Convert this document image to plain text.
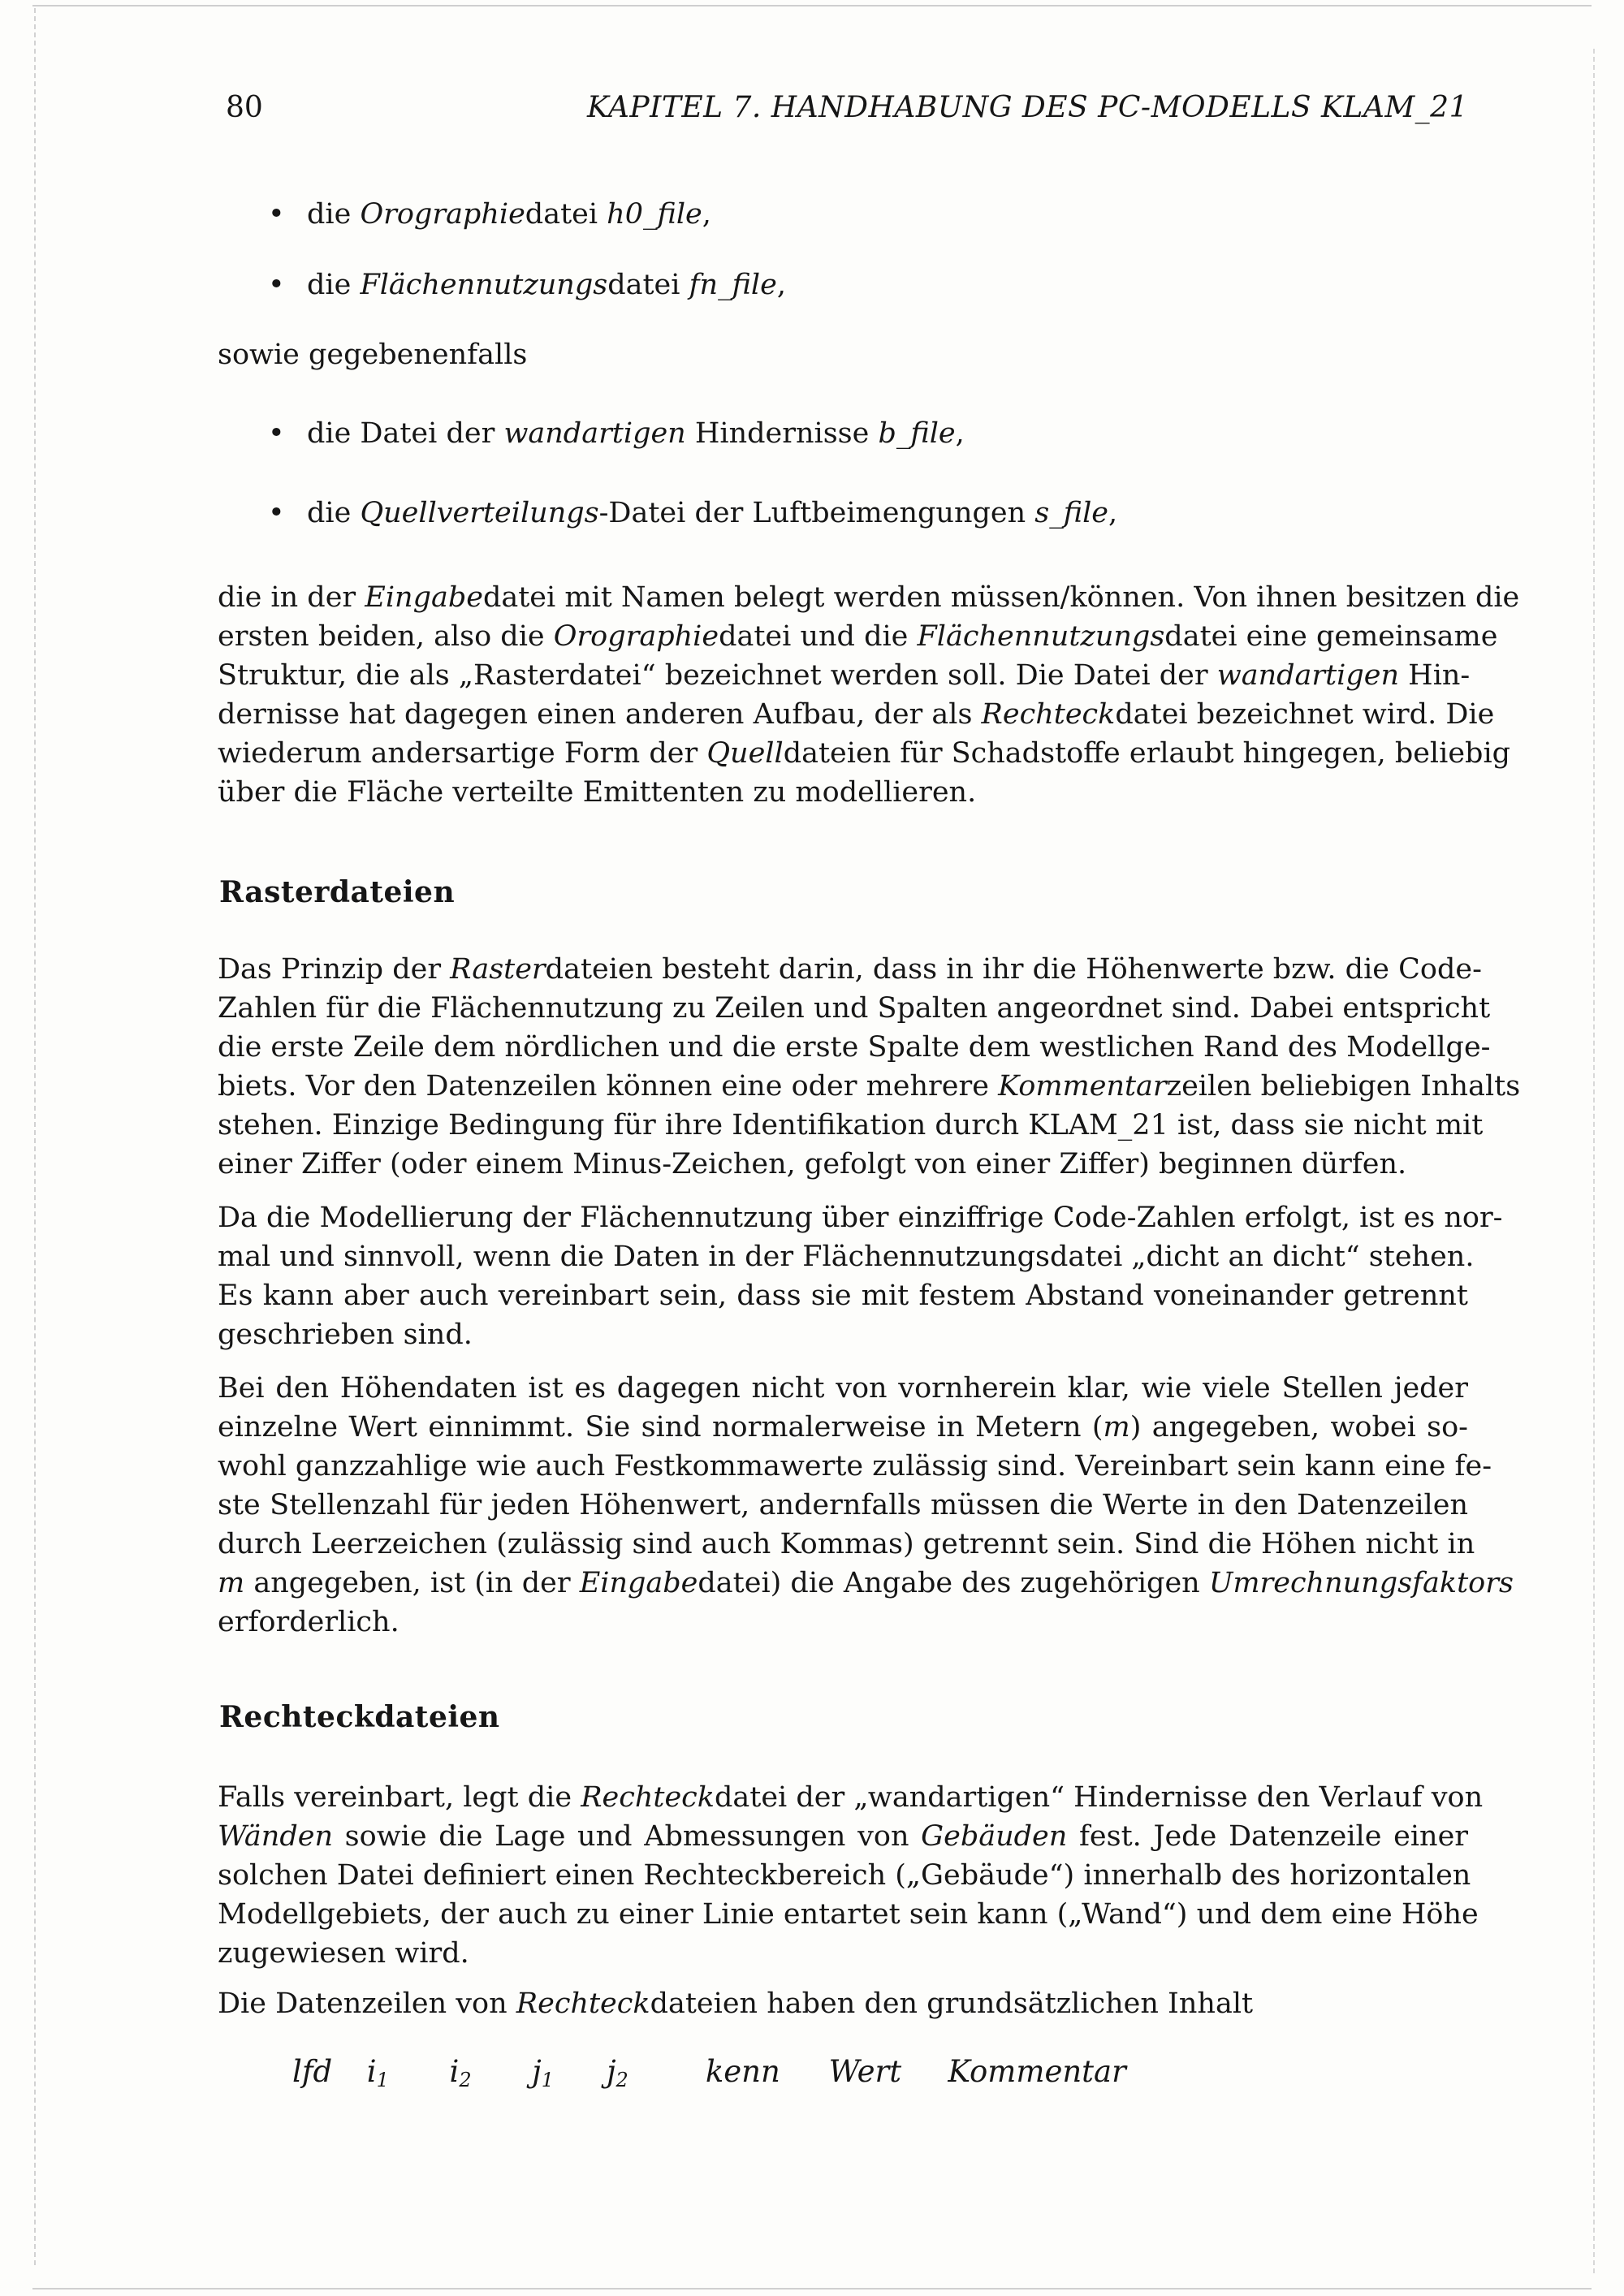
80	KAPITEL 7. HANDHABUNG DES PC-MODELLS KLAM_21
• die Orographiedatei h0_file,
• die Flächennutzungsdatei fn_file,
sowie gegebenenfalls
• die Datei der wandartigen Hindernisse b_file,
• die Quellverteilungs-Datei der Luftbeimengungen s_file,
die in der Eingabedatei mit Namen belegt werden müssen/können. Von ihnen besitzen die
ersten beiden, also die Orographiedatei und die Flächennutzungsdatei eine gemeinsame
Struktur, die als „Rasterdatei“ bezeichnet werden soll. Die Datei der wandartigen Hin-
dernisse hat dagegen einen anderen Aufbau, der als Rechteckdatei bezeichnet wird. Die
wiederum andersartige Form der Quelldateien für Schadstoffe erlaubt hingegen, beliebig
über die Fläche verteilte Emittenten zu modellieren.
Rasterdateien
Das Prinzip der Rasterdateien besteht darin, dass in ihr die Höhenwerte bzw. die Code-
Zahlen für die Flächennutzung zu Zeilen und Spalten angeordnet sind. Dabei entspricht
die erste Zeile dem nördlichen und die erste Spalte dem westlichen Rand des Modellge-
biets. Vor den Datenzeilen können eine oder mehrere Kommentarzeilen beliebigen Inhalts
stehen. Einzige Bedingung für ihre Identifikation durch KLAM_21 ist, dass sie nicht mit
einer Ziffer (oder einem Minus-Zeichen, gefolgt von einer Ziffer) beginnen dürfen.
Da die Modellierung der Flächennutzung über einziffrige Code-Zahlen erfolgt, ist es nor-
mal und sinnvoll, wenn die Daten in der Flächennutzungsdatei „dicht an dicht“ stehen.
Es kann aber auch vereinbart sein, dass sie mit festem Abstand voneinander getrennt
geschrieben sind.
Bei den Höhendaten ist es dagegen nicht von vornherein klar, wie viele Stellen jeder
einzelne Wert einnimmt. Sie sind normalerweise in Metern (m) angegeben, wobei so-
wohl ganzzahlige wie auch Festkommawerte zulässig sind. Vereinbart sein kann eine fe-
ste Stellenzahl für jeden Höhenwert, andernfalls müssen die Werte in den Datenzeilen
durch Leerzeichen (zulässig sind auch Kommas) getrennt sein. Sind die Höhen nicht in
m angegeben, ist (in der Eingabedatei) die Angabe des zugehörigen Umrechnungsfaktors
erforderlich.
Rechteckdateien
Falls vereinbart, legt die Rechteckdatei der „wandartigen“ Hindernisse den Verlauf von
Wänden sowie die Lage und Abmessungen von Gebäuden fest. Jede Datenzeile einer
solchen Datei definiert einen Rechteckbereich („Gebäude“) innerhalb des horizontalen
Modellgebiets, der auch zu einer Linie entartet sein kann („Wand“) und dem eine Höhe
zugewiesen wird.
Die Datenzeilen von Rechteckdateien haben den grundsätzlichen Inhalt
lfd $i_1$ $i_2$ $j_1$ $j_2$	kenn Wert Kommentar
